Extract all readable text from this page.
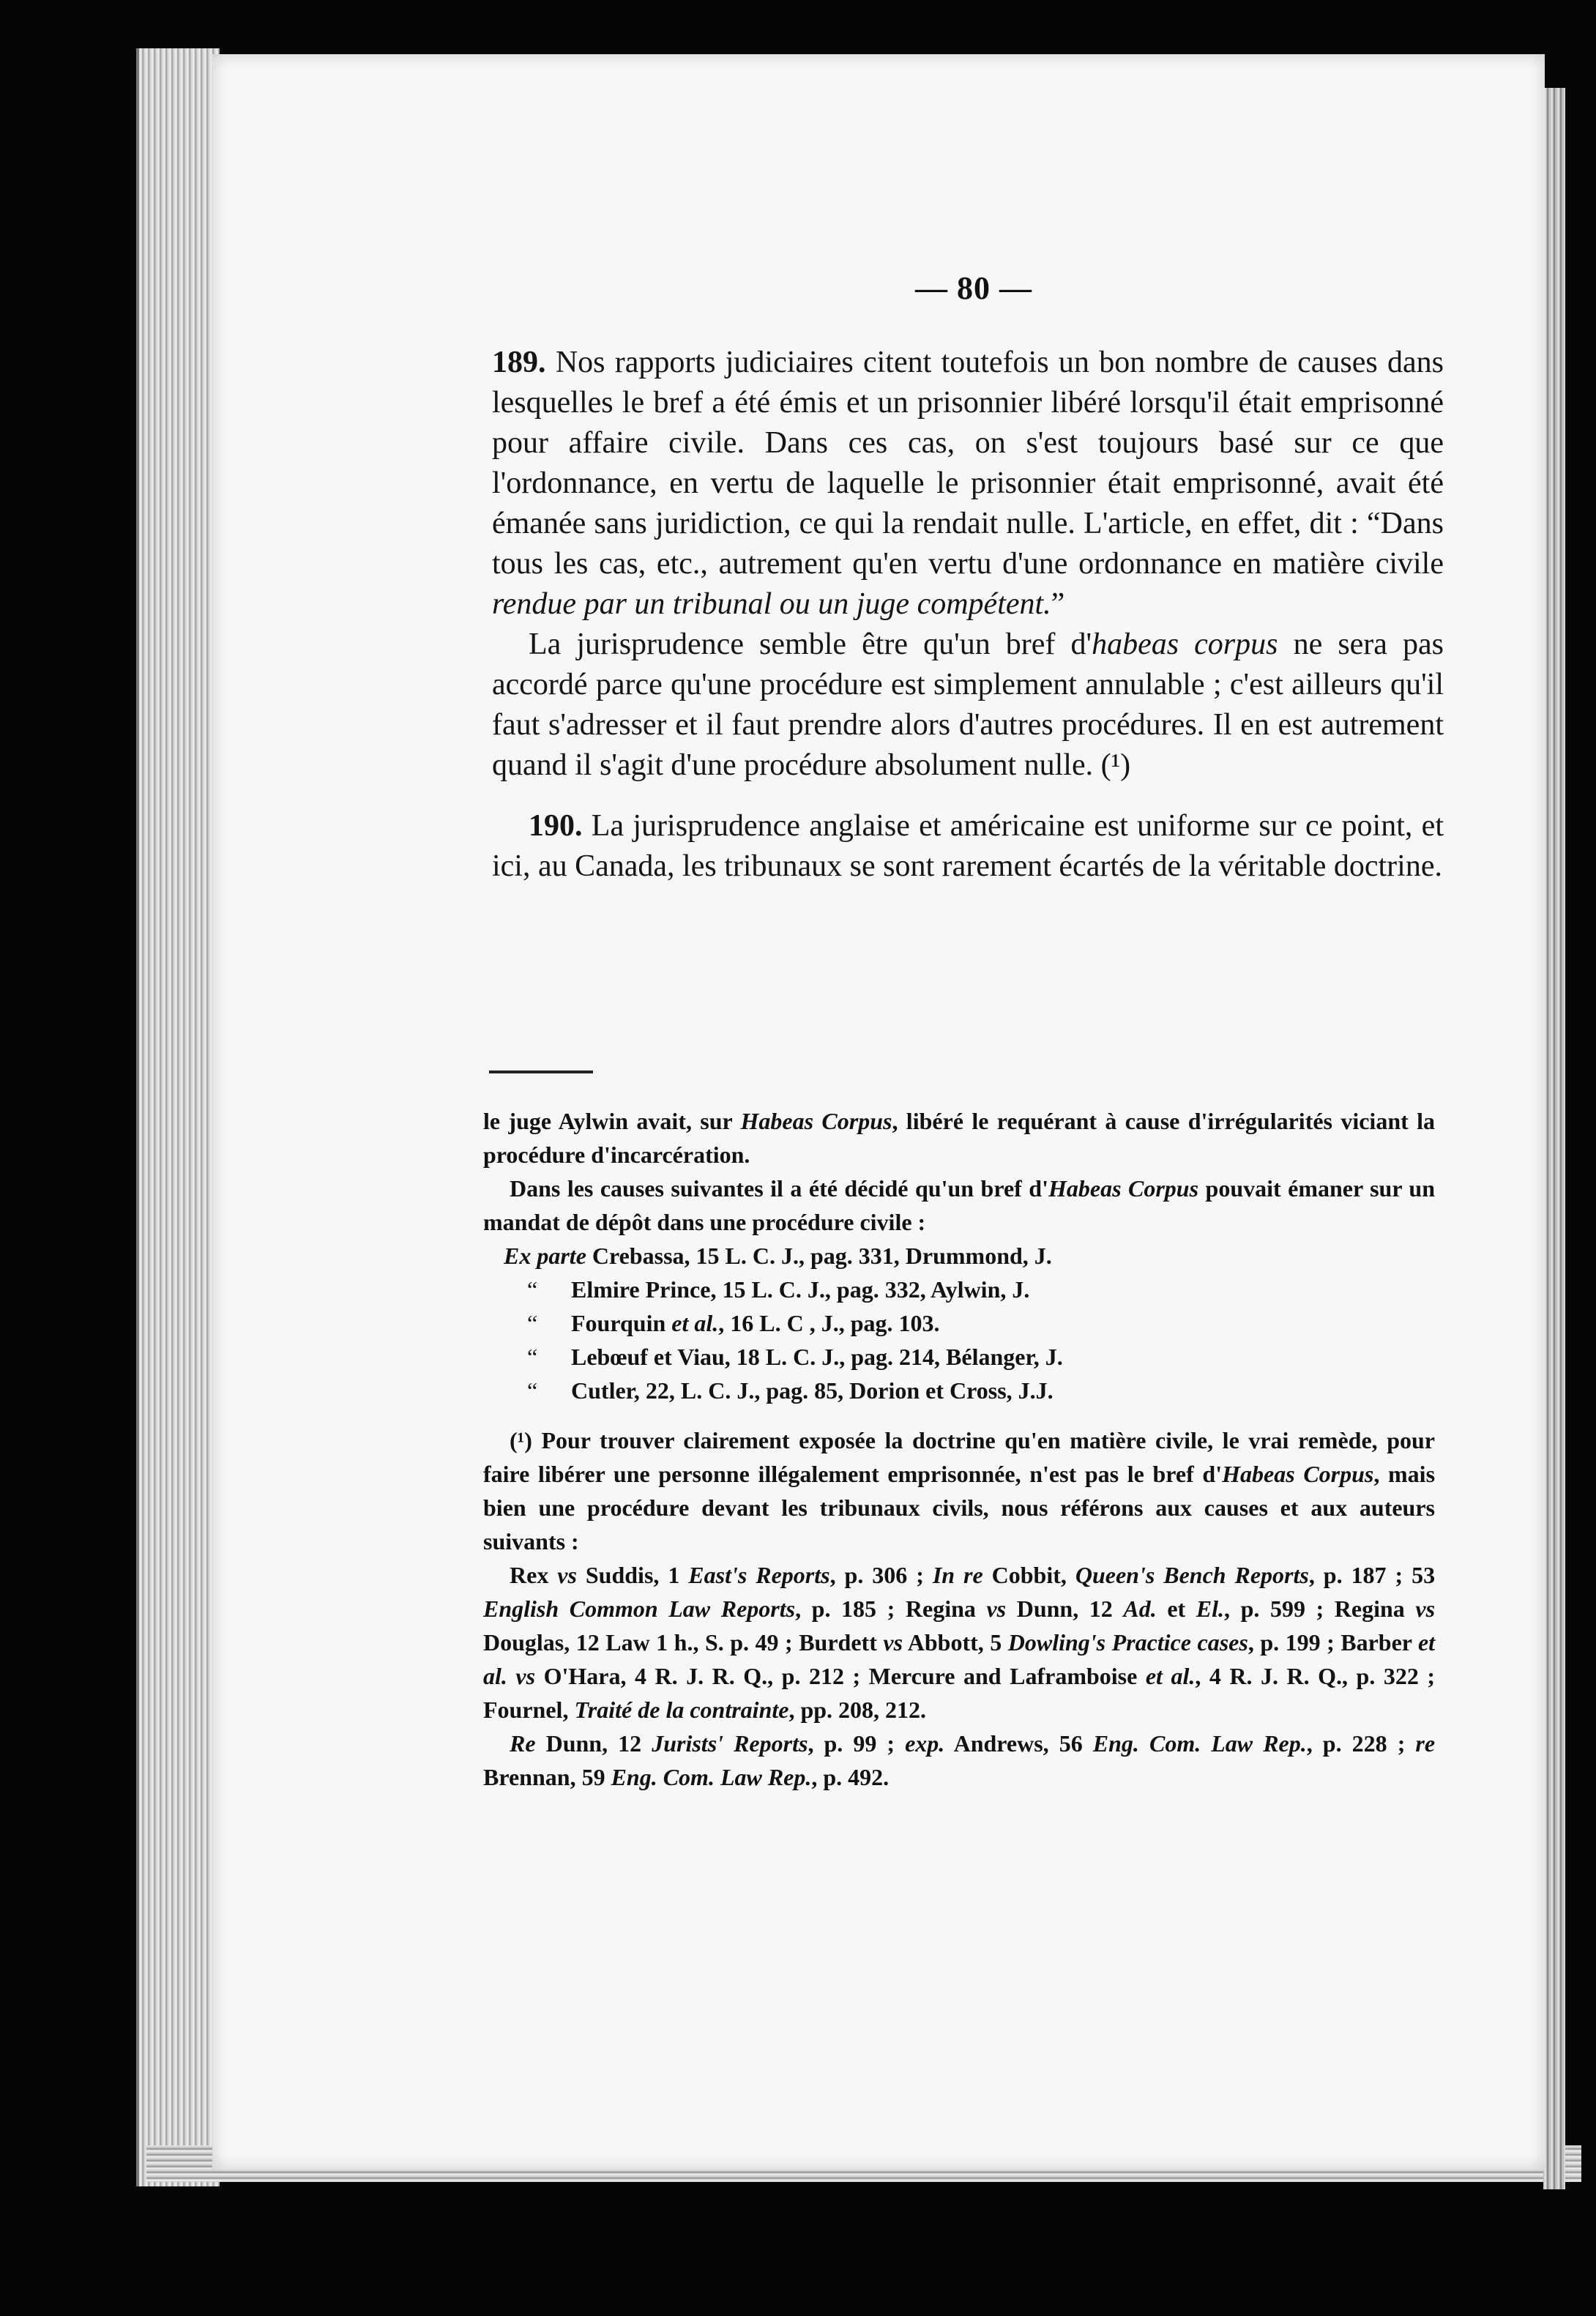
— 80 —

189. Nos rapports judiciaires citent toutefois un bon nombre de causes dans lesquelles le bref a été émis et un prisonnier libéré lorsqu'il était emprisonné pour affaire civile. Dans ces cas, on s'est toujours basé sur ce que l'ordonnance, en vertu de laquelle le prisonnier était emprisonné, avait été émanée sans juridiction, ce qui la rendait nulle. L'article, en effet, dit : “Dans tous les cas, etc., autrement qu'en vertu d'une ordonnance en matière civile rendue par un tribunal ou un juge compétent.”

La jurisprudence semble être qu'un bref d'habeas corpus ne sera pas accordé parce qu'une procédure est simplement annulable ; c'est ailleurs qu'il faut s'adresser et il faut prendre alors d'autres procédures. Il en est autrement quand il s'agit d'une procédure absolument nulle. (¹)

190. La jurisprudence anglaise et américaine est uniforme sur ce point, et ici, au Canada, les tribunaux se sont rarement écartés de la véritable doctrine.

le juge Aylwin avait, sur Habeas Corpus, libéré le requérant à cause d'irrégularités viciant la procédure d'incarcération.

Dans les causes suivantes il a été décidé qu'un bref d'Habeas Corpus pouvait émaner sur un mandat de dépôt dans une procédure civile :

Ex parte Crebassa, 15 L. C. J., pag. 331, Drummond, J.

“ Elmire Prince, 15 L. C. J., pag. 332, Aylwin, J.

“ Fourquin et al., 16 L. C , J., pag. 103.

“ Lebœuf et Viau, 18 L. C. J., pag. 214, Bélanger, J.

“ Cutler, 22, L. C. J., pag. 85, Dorion et Cross, J.J.

(¹) Pour trouver clairement exposée la doctrine qu'en matière civile, le vrai remède, pour faire libérer une personne illégalement emprisonnée, n'est pas le bref d'Habeas Corpus, mais bien une procédure devant les tribunaux civils, nous référons aux causes et aux auteurs suivants :

Rex vs Suddis, 1 East's Reports, p. 306 ; In re Cobbit, Queen's Bench Reports, p. 187 ; 53 English Common Law Reports, p. 185 ; Regina vs Dunn, 12 Ad. et El., p. 599 ; Regina vs Douglas, 12 Law 1 h., S. p. 49 ; Burdett vs Abbott, 5 Dowling's Practice cases, p. 199 ; Barber et al. vs O'Hara, 4 R. J. R. Q., p. 212 ; Mercure and Laframboise et al., 4 R. J. R. Q., p. 322 ; Fournel, Traité de la contrainte, pp. 208, 212.

Re Dunn, 12 Jurists' Reports, p. 99 ; exp. Andrews, 56 Eng. Com. Law Rep., p. 228 ; re Brennan, 59 Eng. Com. Law Rep., p. 492.
